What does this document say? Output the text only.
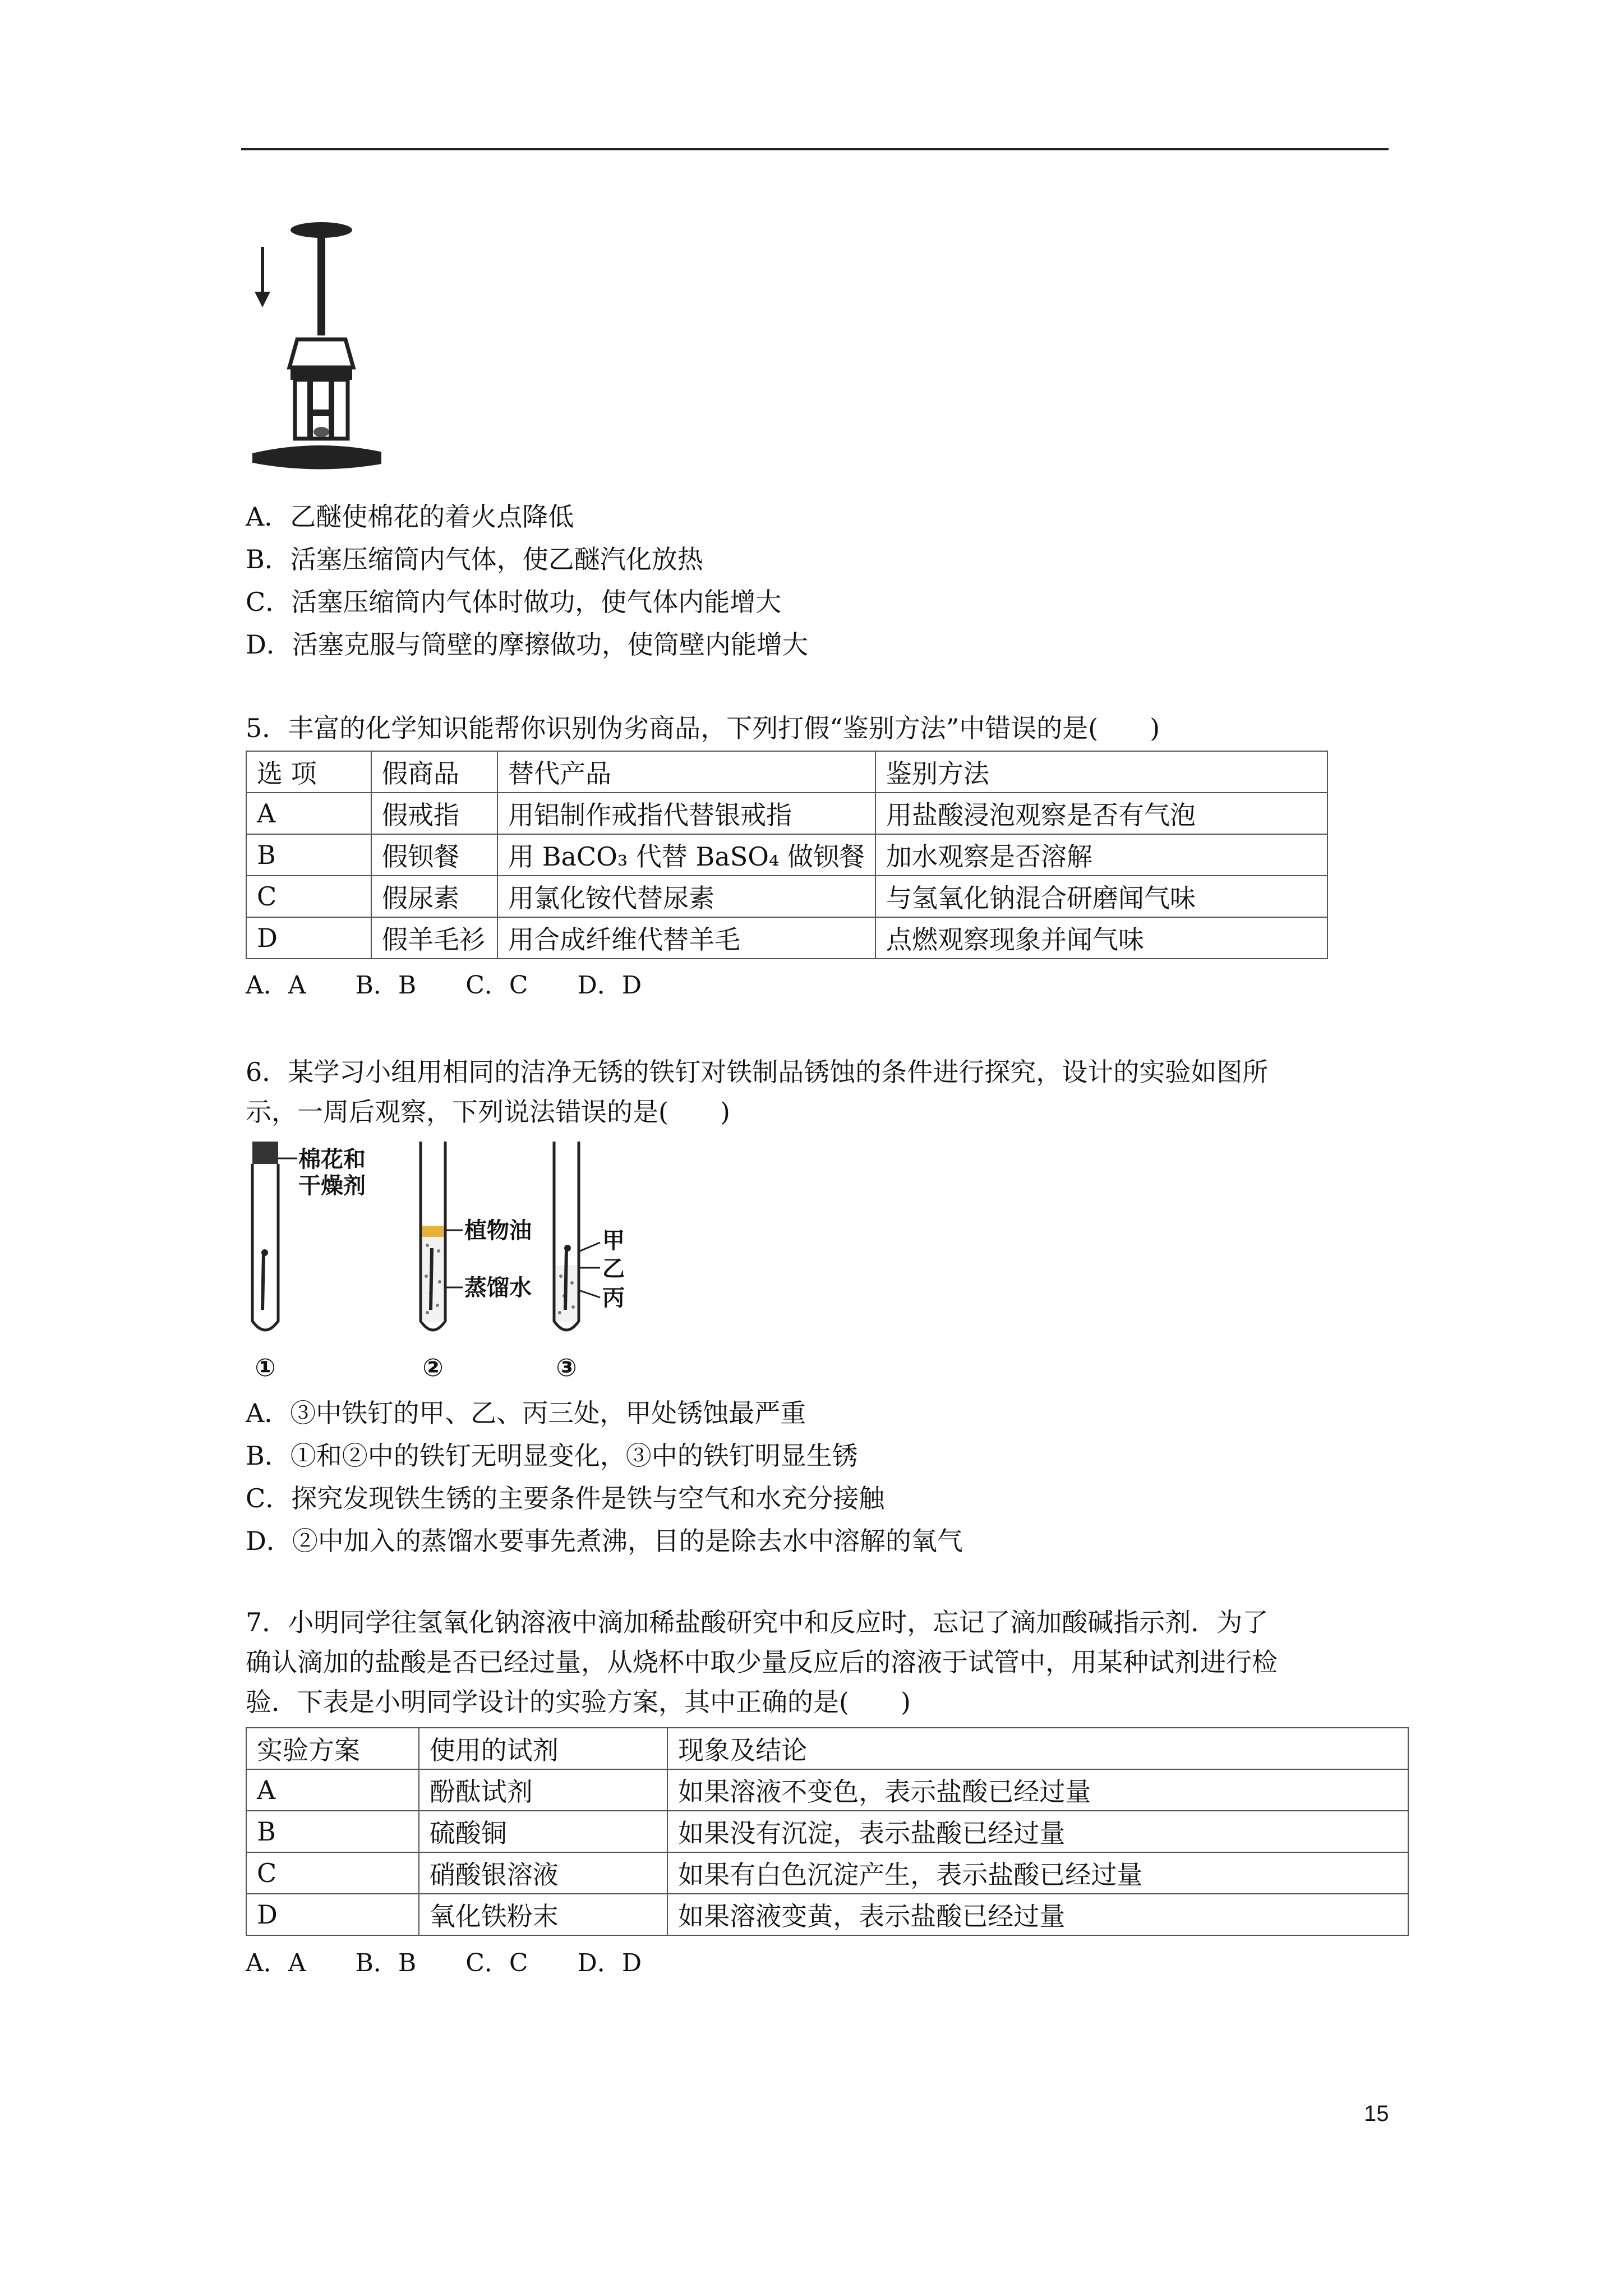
A．乙醚使棉花的着火点降低
B．活塞压缩筒内气体，使乙醚汽化放热
C．活塞压缩筒内气体时做功，使气体内能增大
D．活塞克服与筒壁的摩擦做功，使筒壁内能增大
5．丰富的化学知识能帮你识别伪劣商品，下列打假“鉴别方法”中错误的是(　　)
选 项	假商品	替代产品	鉴别方法
A	假戒指	用铝制作戒指代替银戒指	用盐酸浸泡观察是否有气泡
B	假钡餐	用 BaCO₃ 代替 BaSO₄ 做钡餐	加水观察是否溶解
C	假尿素	用氯化铵代替尿素	与氢氧化钠混合研磨闻气味
D	假羊毛衫	用合成纤维代替羊毛	点燃观察现象并闻气味
A．A　　B．B　　C．C　　D．D
6．某学习小组用相同的洁净无锈的铁钉对铁制品锈蚀的条件进行探究，设计的实验如图所
示，一周后观察，下列说法错误的是(　　)
棉花和
干燥剂
植物油
蒸馏水
甲
乙
丙
①	②	③
A．③中铁钉的甲、乙、丙三处，甲处锈蚀最严重
B．①和②中的铁钉无明显变化，③中的铁钉明显生锈
C．探究发现铁生锈的主要条件是铁与空气和水充分接触
D．②中加入的蒸馏水要事先煮沸，目的是除去水中溶解的氧气
7．小明同学往氢氧化钠溶液中滴加稀盐酸研究中和反应时，忘记了滴加酸碱指示剂．为了
确认滴加的盐酸是否已经过量，从烧杯中取少量反应后的溶液于试管中，用某种试剂进行检
验．下表是小明同学设计的实验方案，其中正确的是(　　)
实验方案	使用的试剂	现象及结论
A	酚酞试剂	如果溶液不变色，表示盐酸已经过量
B	硫酸铜	如果没有沉淀，表示盐酸已经过量
C	硝酸银溶液	如果有白色沉淀产生，表示盐酸已经过量
D	氧化铁粉末	如果溶液变黄，表示盐酸已经过量
A．A　　B．B　　C．C　　D．D
15
